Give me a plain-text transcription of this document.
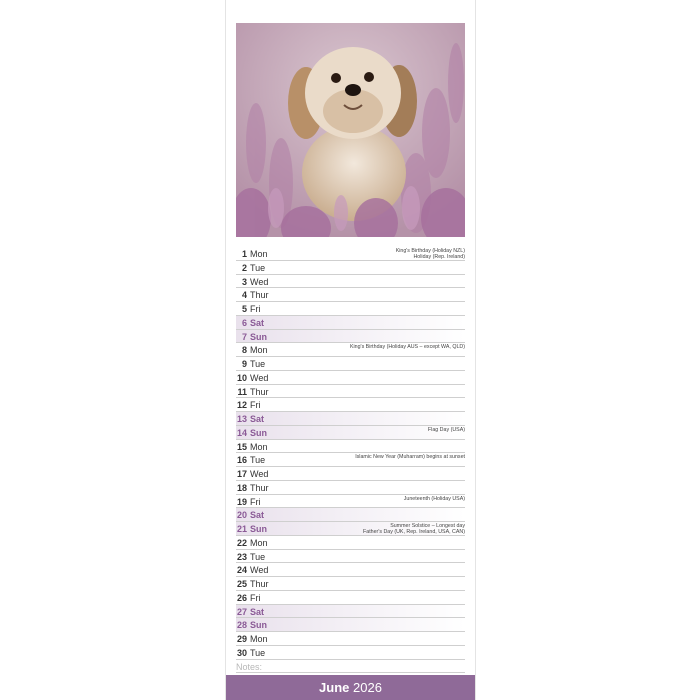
1 Mon	King's Birthday (Holiday NZL)
Holiday (Rep. Ireland)
2 Tue
3 Wed
4 Thur
5 Fri
6 Sat
7 Sun
8 Mon	King's Birthday (Holiday AUS – except WA, QLD)
9 Tue
10 Wed
11 Thur
12 Fri
13 Sat
14 Sun	Flag Day (USA)
15 Mon
16 Tue	Islamic New Year (Muharram) begins at sunset
17 Wed
18 Thur
19 Fri	Juneteenth (Holiday USA)
20 Sat
21 Sun	Summer Solstice – Longest day
Father's Day (UK, Rep. Ireland, USA, CAN)
22 Mon
23 Tue
24 Wed
25 Thur
26 Fri
27 Sat
28 Sun
29 Mon
30 Tue
Notes:
June 2026
